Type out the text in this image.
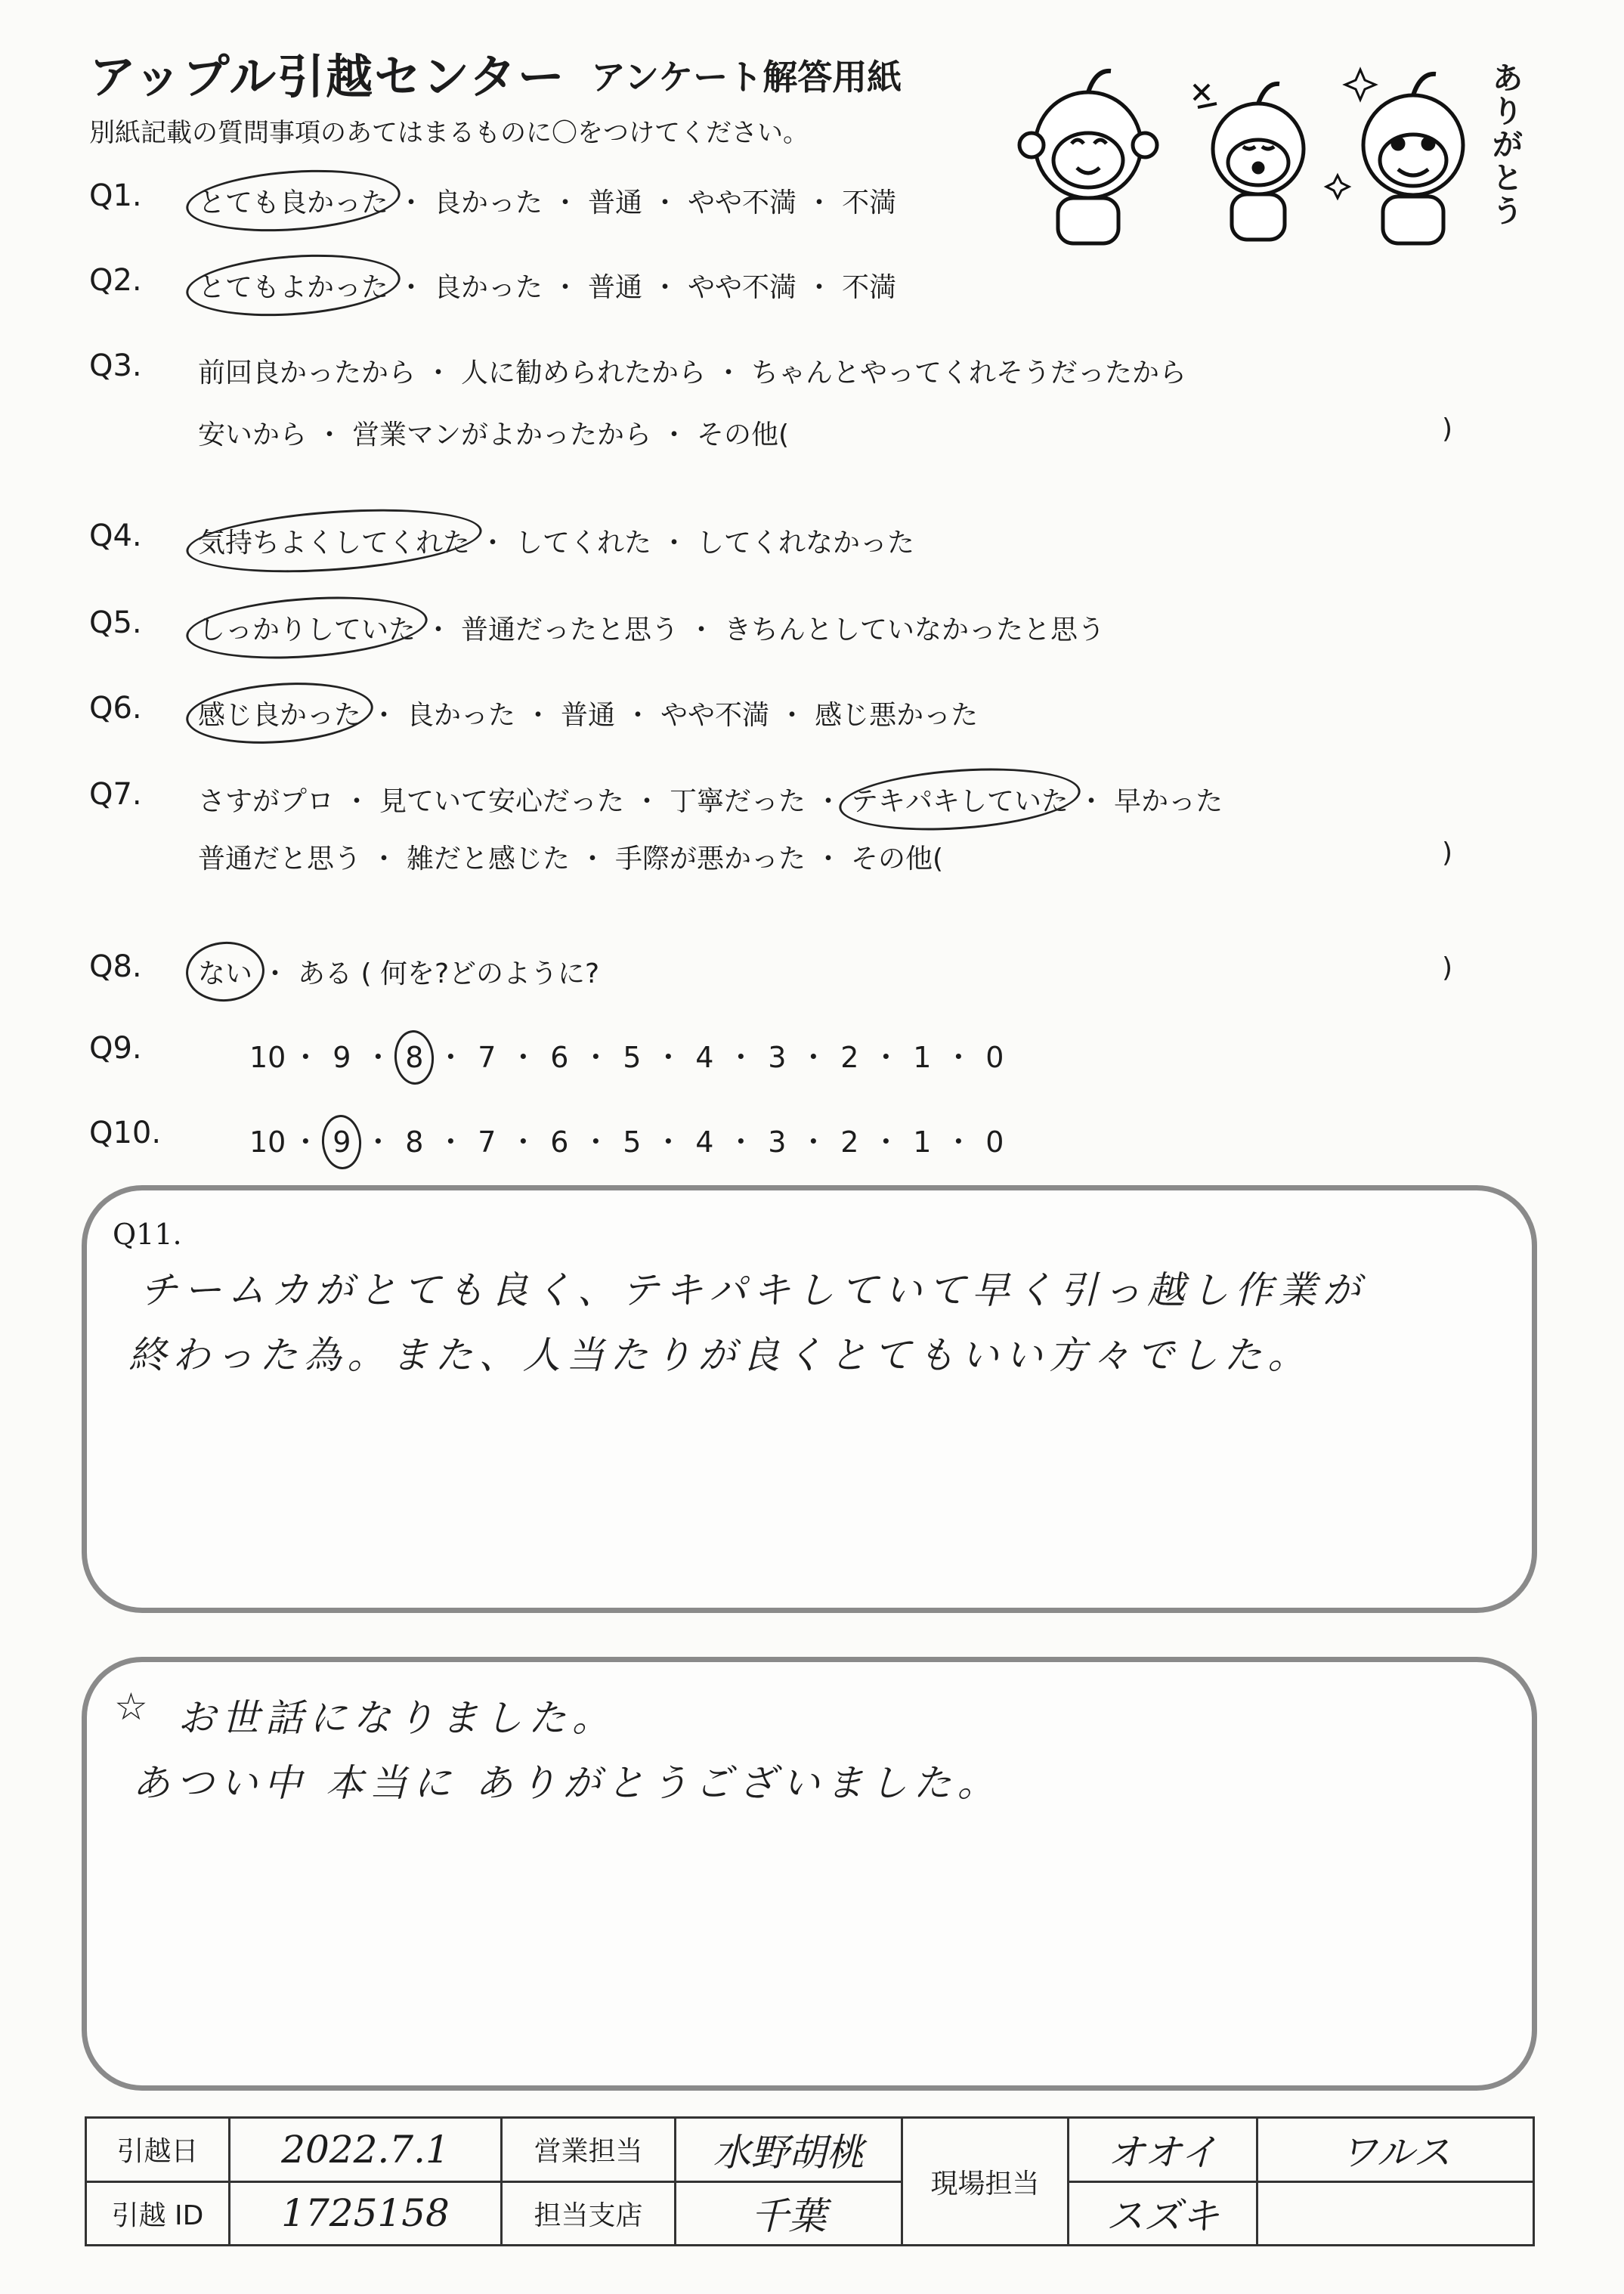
アップル引越センター アンケート解答用紙
別紙記載の質問事項のあてはまるものに〇をつけてください。
ありがとう
Q1. とても良かった ・ 良かった ・ 普通 ・ やや不満 ・ 不満
Q2. とてもよかった ・ 良かった ・ 普通 ・ やや不満 ・ 不満
Q3. 前回良かったから ・ 人に勧められたから ・ ちゃんとやってくれそうだったから
安いから ・ 営業マンがよかったから ・ その他(	)
Q4. 気持ちよくしてくれた ・ してくれた ・ してくれなかった
Q5. しっかりしていた ・ 普通だったと思う ・ きちんとしていなかったと思う
Q6. 感じ良かった ・ 良かった ・ 普通 ・ やや不満 ・ 感じ悪かった
Q7. さすがプロ ・ 見ていて安心だった ・ 丁寧だった ・ テキパキしていた ・ 早かった
普通だと思う ・ 雑だと感じた ・ 手際が悪かった ・ その他(	)
Q8. ない ・ ある ( 何を?どのように?	)
Q9.	10 ・ 9 ・ 8 ・ 7 ・ 6 ・ 5 ・ 4 ・ 3 ・ 2 ・ 1 ・ 0
Q10.	10 ・ 9 ・ 8 ・ 7 ・ 6 ・ 5 ・ 4 ・ 3 ・ 2 ・ 1 ・ 0
Q11.
チームカがとても良く、テキパキしていて早く引っ越し作業が
終わった為。また、人当たりが良くとてもいい方々でした。
☆ お世話になりました。
あつい中 本当に ありがとうございました。
引越日	2022.7.1	営業担当	水野胡桃	現場担当	オオイ	ワルス
引越 ID	1725158	担当支店	千葉		スズキ	
